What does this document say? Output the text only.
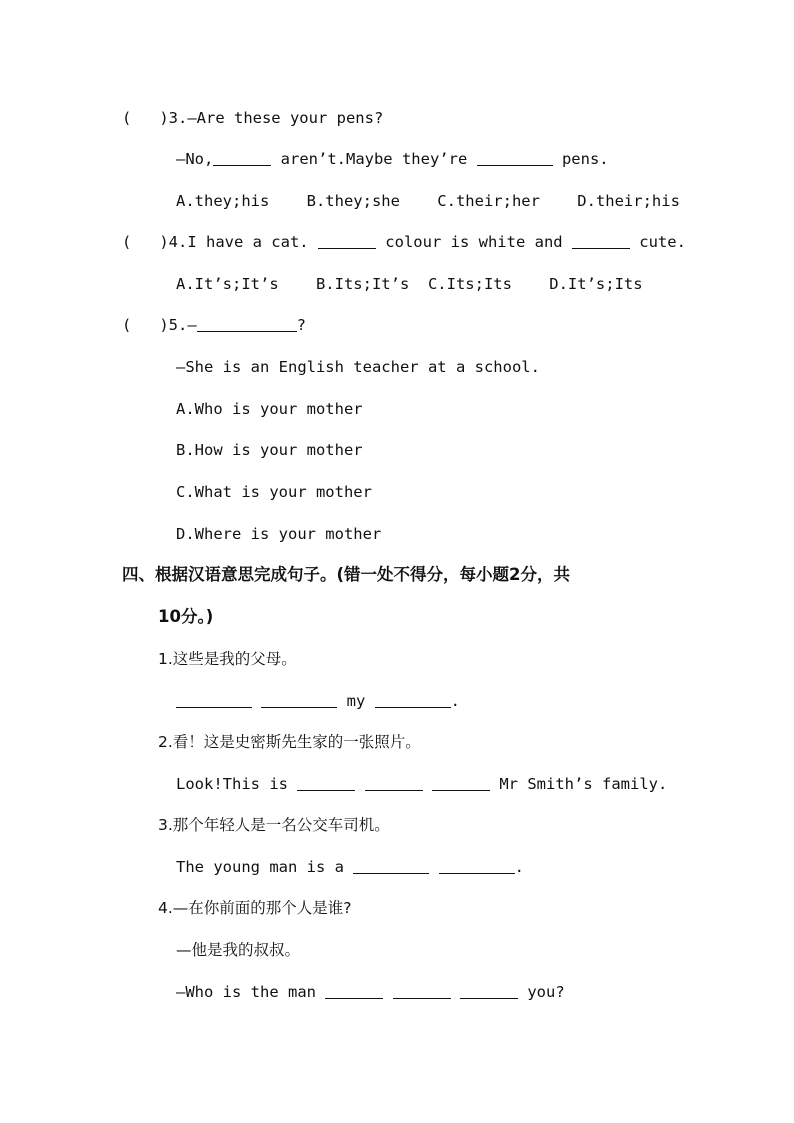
(   )3.—Are these your pens?
—No,	aren’t.Maybe they’re	pens.
A.they;his    B.they;she    C.their;her    D.their;his
(   )4.I have a cat.	colour is white and	cute.
A.It’s;It’s    B.Its;It’s  C.Its;Its    D.It’s;Its
(   )5.—	?
—She is an English teacher at a school.
A.Who is your mother
B.How is your mother
C.What is your mother
D.Where is your mother
四、根据汉语意思完成句子。(错一处不得分，每小题2分，共
10分。)
1.这些是我的父母。
my	.
2.看！这是史密斯先生家的一张照片。
Look!This is	Mr Smith’s family.
3.那个年轻人是一名公交车司机。
The young man is a	.
4.—在你前面的那个人是谁?
—他是我的叔叔。
—Who is the man	you?
